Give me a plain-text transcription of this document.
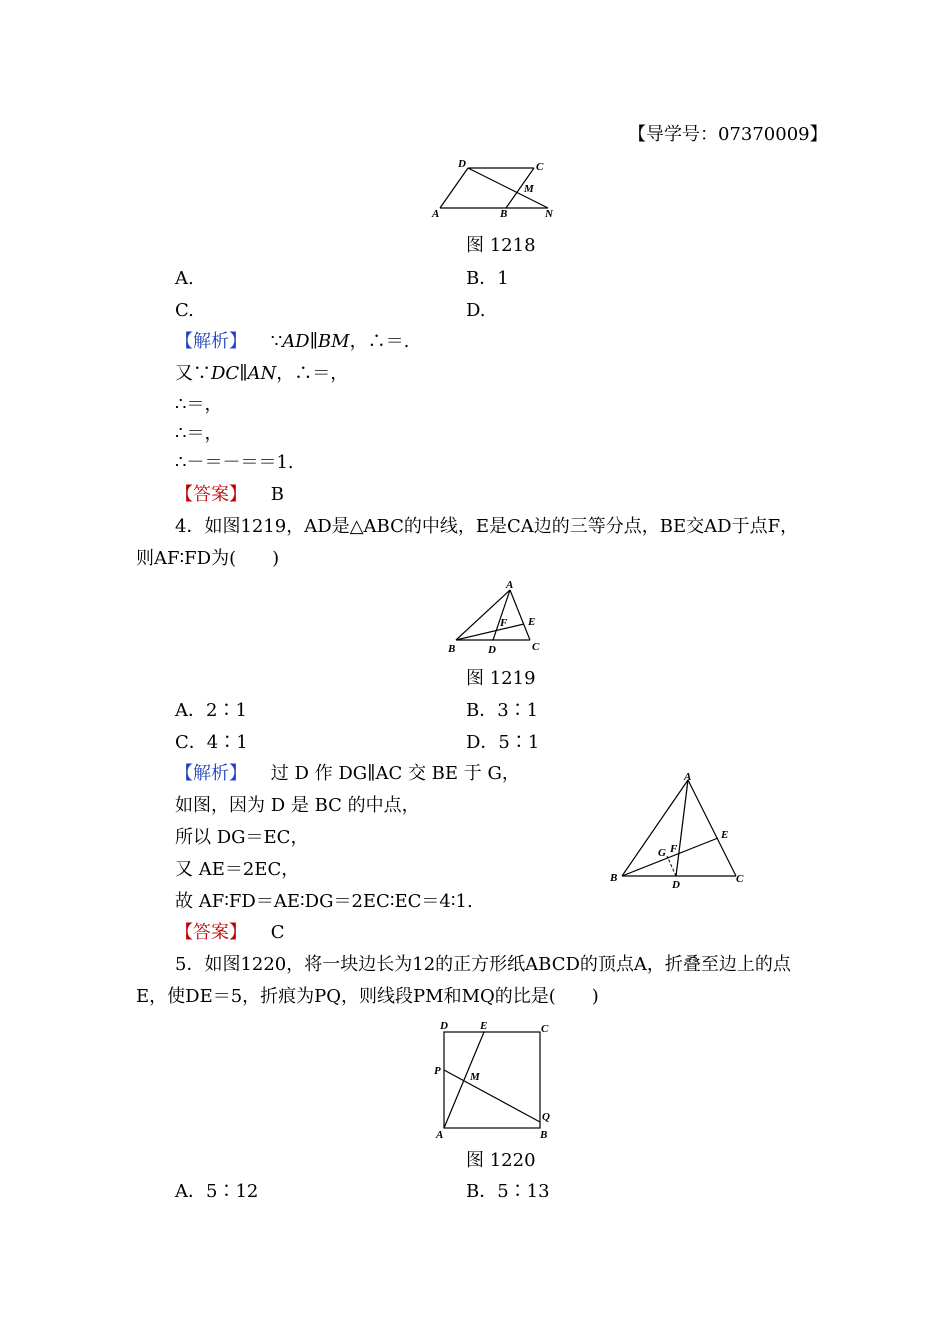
【导学号：07370009】
D	C
M
A	B	N
图 1218
A.	B．1
C.	D.
【解析】 ∵AD∥BM，∴＝.
又∵DC∥AN，∴＝，
∴＝，
∴＝，
∴－＝－＝＝1.
【答案】 B
4．如图1219，AD是△ABC的中线，E是CA边的三等分点，BE交AD于点F，
则AF∶FD为(　　)
A
B	C
D
E
F
图 1219
A．2∶1	B．3∶1
C．4∶1	D．5∶1
【解析】 过 D 作 DG∥AC 交 BE 于 G，
如图，因为 D 是 BC 的中点，
所以 DG＝EC，
又 AE＝2EC，
故 AF∶FD＝AE∶DG＝2EC∶EC＝4∶1.
【答案】 C
A
B	C
D
E
F
G
5．如图1220，将一块边长为12的正方形纸ABCD的顶点A，折叠至边上的点
E，使DE＝5，折痕为PQ，则线段PM和MQ的比是(　　)
D	E	C
P	M
Q
A	B
图 1220
A．5∶12	B．5∶13
